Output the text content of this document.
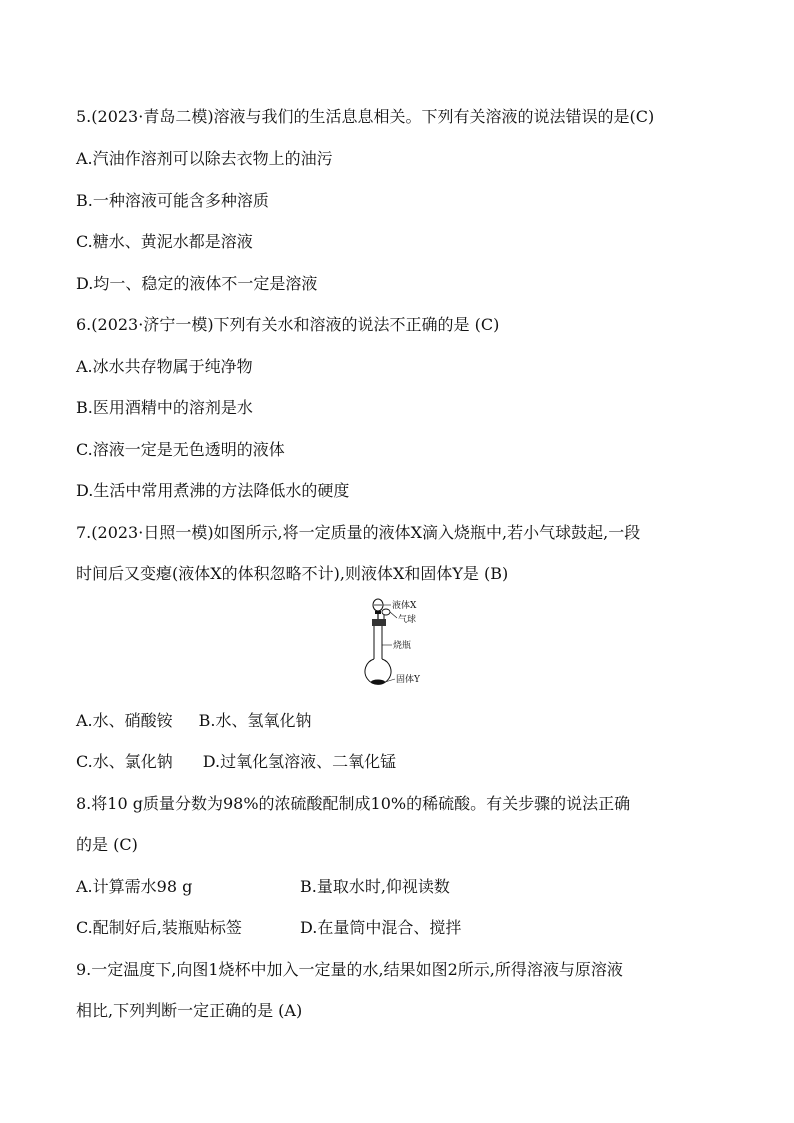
5.(2023·青岛二模)溶液与我们的生活息息相关。下列有关溶液的说法错误的是(C)
A.汽油作溶剂可以除去衣物上的油污
B.一种溶液可能含多种溶质
C.糖水、黄泥水都是溶液
D.均一、稳定的液体不一定是溶液
6.(2023·济宁一模)下列有关水和溶液的说法不正确的是 (C)
A.冰水共存物属于纯净物
B.医用酒精中的溶剂是水
C.溶液一定是无色透明的液体
D.生活中常用煮沸的方法降低水的硬度
7.(2023·日照一模)如图所示,将一定质量的液体X滴入烧瓶中,若小气球鼓起,一段
时间后又变瘪(液体X的体积忽略不计),则液体X和固体Y是 (B)
液体X
气球
烧瓶
固体Y
A.水、硝酸铵 B.水、氢氧化钠
C.水、氯化钠 D.过氧化氢溶液、二氧化锰
8.将10 g质量分数为98%的浓硫酸配制成10%的稀硫酸。有关步骤的说法正确
的是 (C)
A.计算需水98 g	B.量取水时,仰视读数
C.配制好后,装瓶贴标签	D.在量筒中混合、搅拌
9.一定温度下,向图1烧杯中加入一定量的水,结果如图2所示,所得溶液与原溶液
相比,下列判断一定正确的是 (A)
